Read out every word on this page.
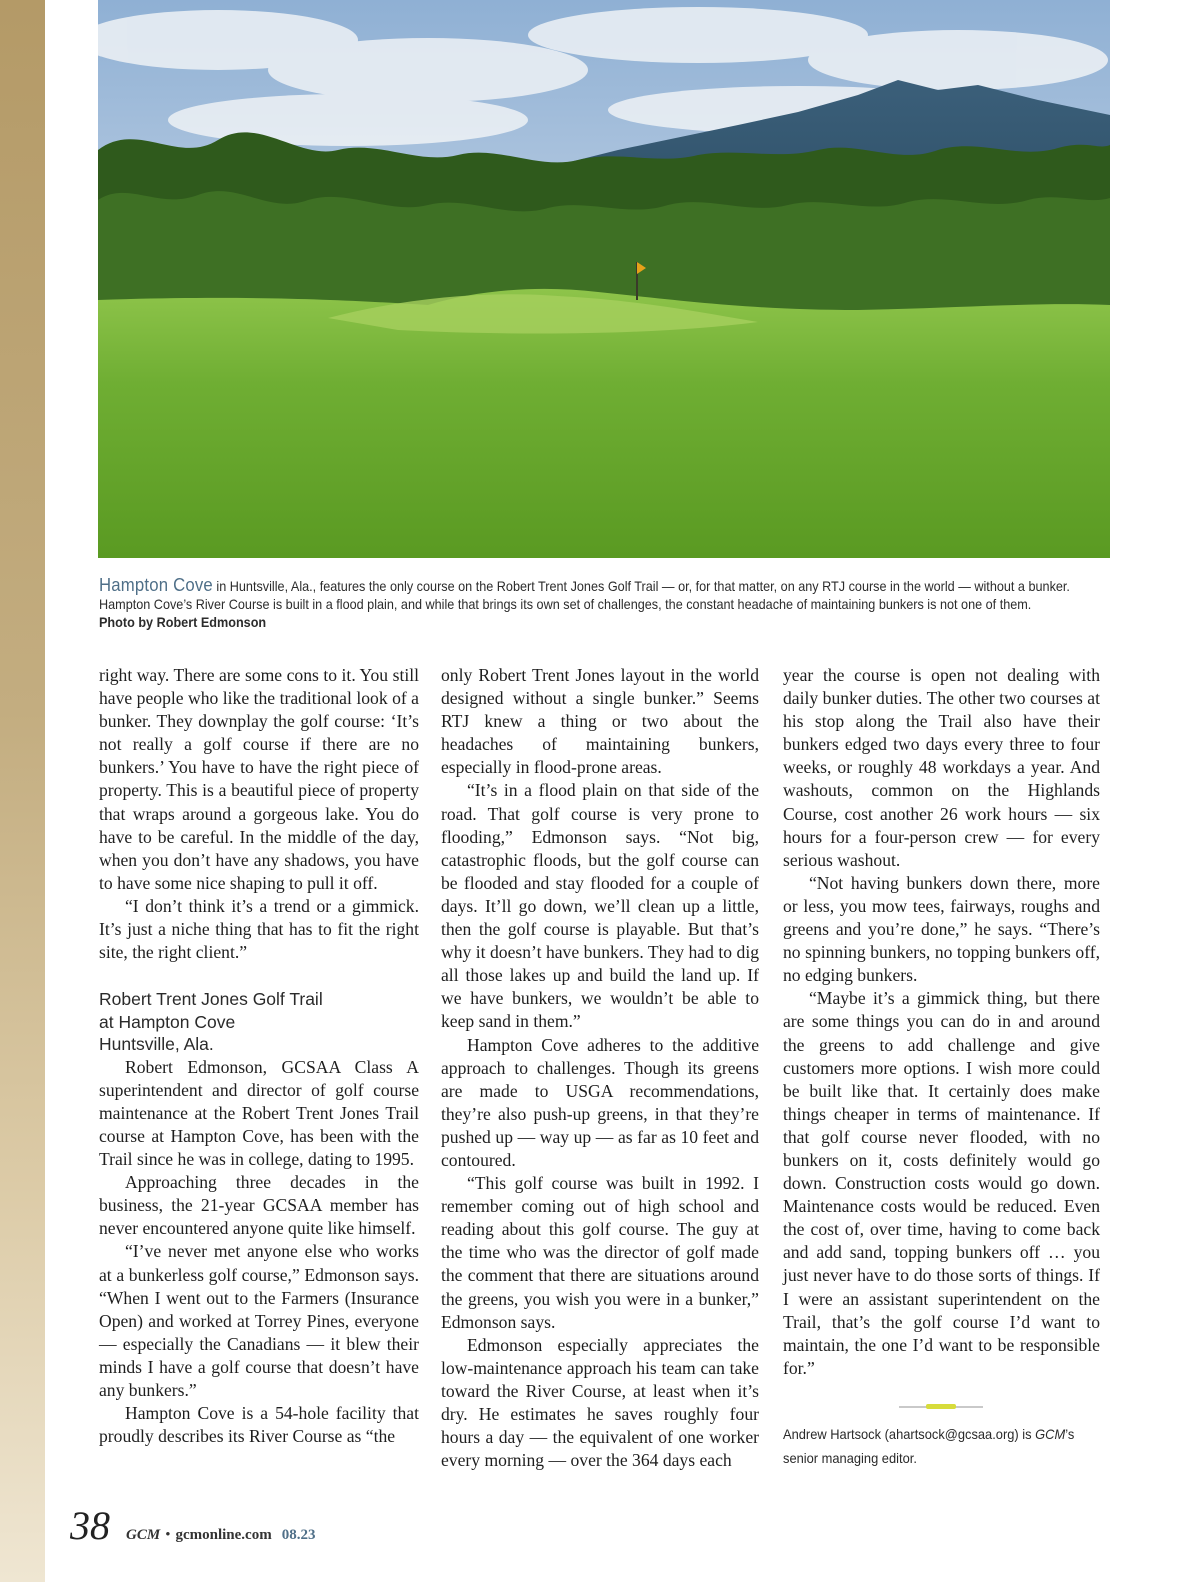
Hampton Cove in Huntsville, Ala., features the only course on the Robert Trent Jones Golf Trail — or, for that matter, on any RTJ course in the world — without a bunker. Hampton Cove’s River Course is built in a flood plain, and while that brings its own set of challenges, the constant headache of maintaining bunkers is not one of them.
Photo by Robert Edmonson

right way. There are some cons to it. You still have people who like the traditional look of a bunker. They downplay the golf course: ‘It’s not really a golf course if there are no bunkers.’ You have to have the right piece of property. This is a beautiful piece of property that wraps around a gorgeous lake. You do have to be careful. In the middle of the day, when you don’t have any shadows, you have to have some nice shaping to pull it off.

“I don’t think it’s a trend or a gimmick. It’s just a niche thing that has to fit the right site, the right client.”

Robert Trent Jones Golf Trail
at Hampton Cove
Huntsville, Ala.

Robert Edmonson, GCSAA Class A superintendent and director of golf course maintenance at the Robert Trent Jones Trail course at Hampton Cove, has been with the Trail since he was in college, dating to 1995.

Approaching three decades in the business, the 21-year GCSAA member has never encountered anyone quite like himself.

“I’ve never met anyone else who works at a bunkerless golf course,” Edmonson says. “When I went out to the Farmers (Insurance Open) and worked at Torrey Pines, everyone — especially the Canadians — it blew their minds I have a golf course that doesn’t have any bunkers.”

Hampton Cove is a 54-hole facility that proudly describes its River Course as “the

only Robert Trent Jones layout in the world designed without a single bunker.” Seems RTJ knew a thing or two about the headaches of maintaining bunkers, especially in flood-prone areas.

“It’s in a flood plain on that side of the road. That golf course is very prone to flooding,” Edmonson says. “Not big, catastrophic floods, but the golf course can be flooded and stay flooded for a couple of days. It’ll go down, we’ll clean up a little, then the golf course is playable. But that’s why it doesn’t have bunkers. They had to dig all those lakes up and build the land up. If we have bunkers, we wouldn’t be able to keep sand in them.”

Hampton Cove adheres to the additive approach to challenges. Though its greens are made to USGA recommendations, they’re also push-up greens, in that they’re pushed up — way up — as far as 10 feet and contoured.

“This golf course was built in 1992. I remember coming out of high school and reading about this golf course. The guy at the time who was the director of golf made the comment that there are situations around the greens, you wish you were in a bunker,” Edmonson says.

Edmonson especially appreciates the low-maintenance approach his team can take toward the River Course, at least when it’s dry. He estimates he saves roughly four hours a day — the equivalent of one worker every morning — over the 364 days each

year the course is open not dealing with daily bunker duties. The other two courses at his stop along the Trail also have their bunkers edged two days every three to four weeks, or roughly 48 workdays a year. And washouts, common on the Highlands Course, cost another 26 work hours — six hours for a four-person crew — for every serious washout.

“Not having bunkers down there, more or less, you mow tees, fairways, roughs and greens and you’re done,” he says. “There’s no spinning bunkers, no topping bunkers off, no edging bunkers.

“Maybe it’s a gimmick thing, but there are some things you can do in and around the greens to add challenge and give customers more options. I wish more could be built like that. It certainly does make things cheaper in terms of maintenance. If that golf course never flooded, with no bunkers on it, costs definitely would go down. Construction costs would go down. Maintenance costs would be reduced. Even the cost of, over time, having to come back and add sand, topping bunkers off … you just never have to do those sorts of things. If I were an assistant superintendent on the Trail, that’s the golf course I’d want to maintain, the one I’d want to be responsible for.”

Andrew Hartsock (ahartsock@gcsaa.org) is GCM’s senior managing editor.
38 GCM • gcmonline.com 08.23
